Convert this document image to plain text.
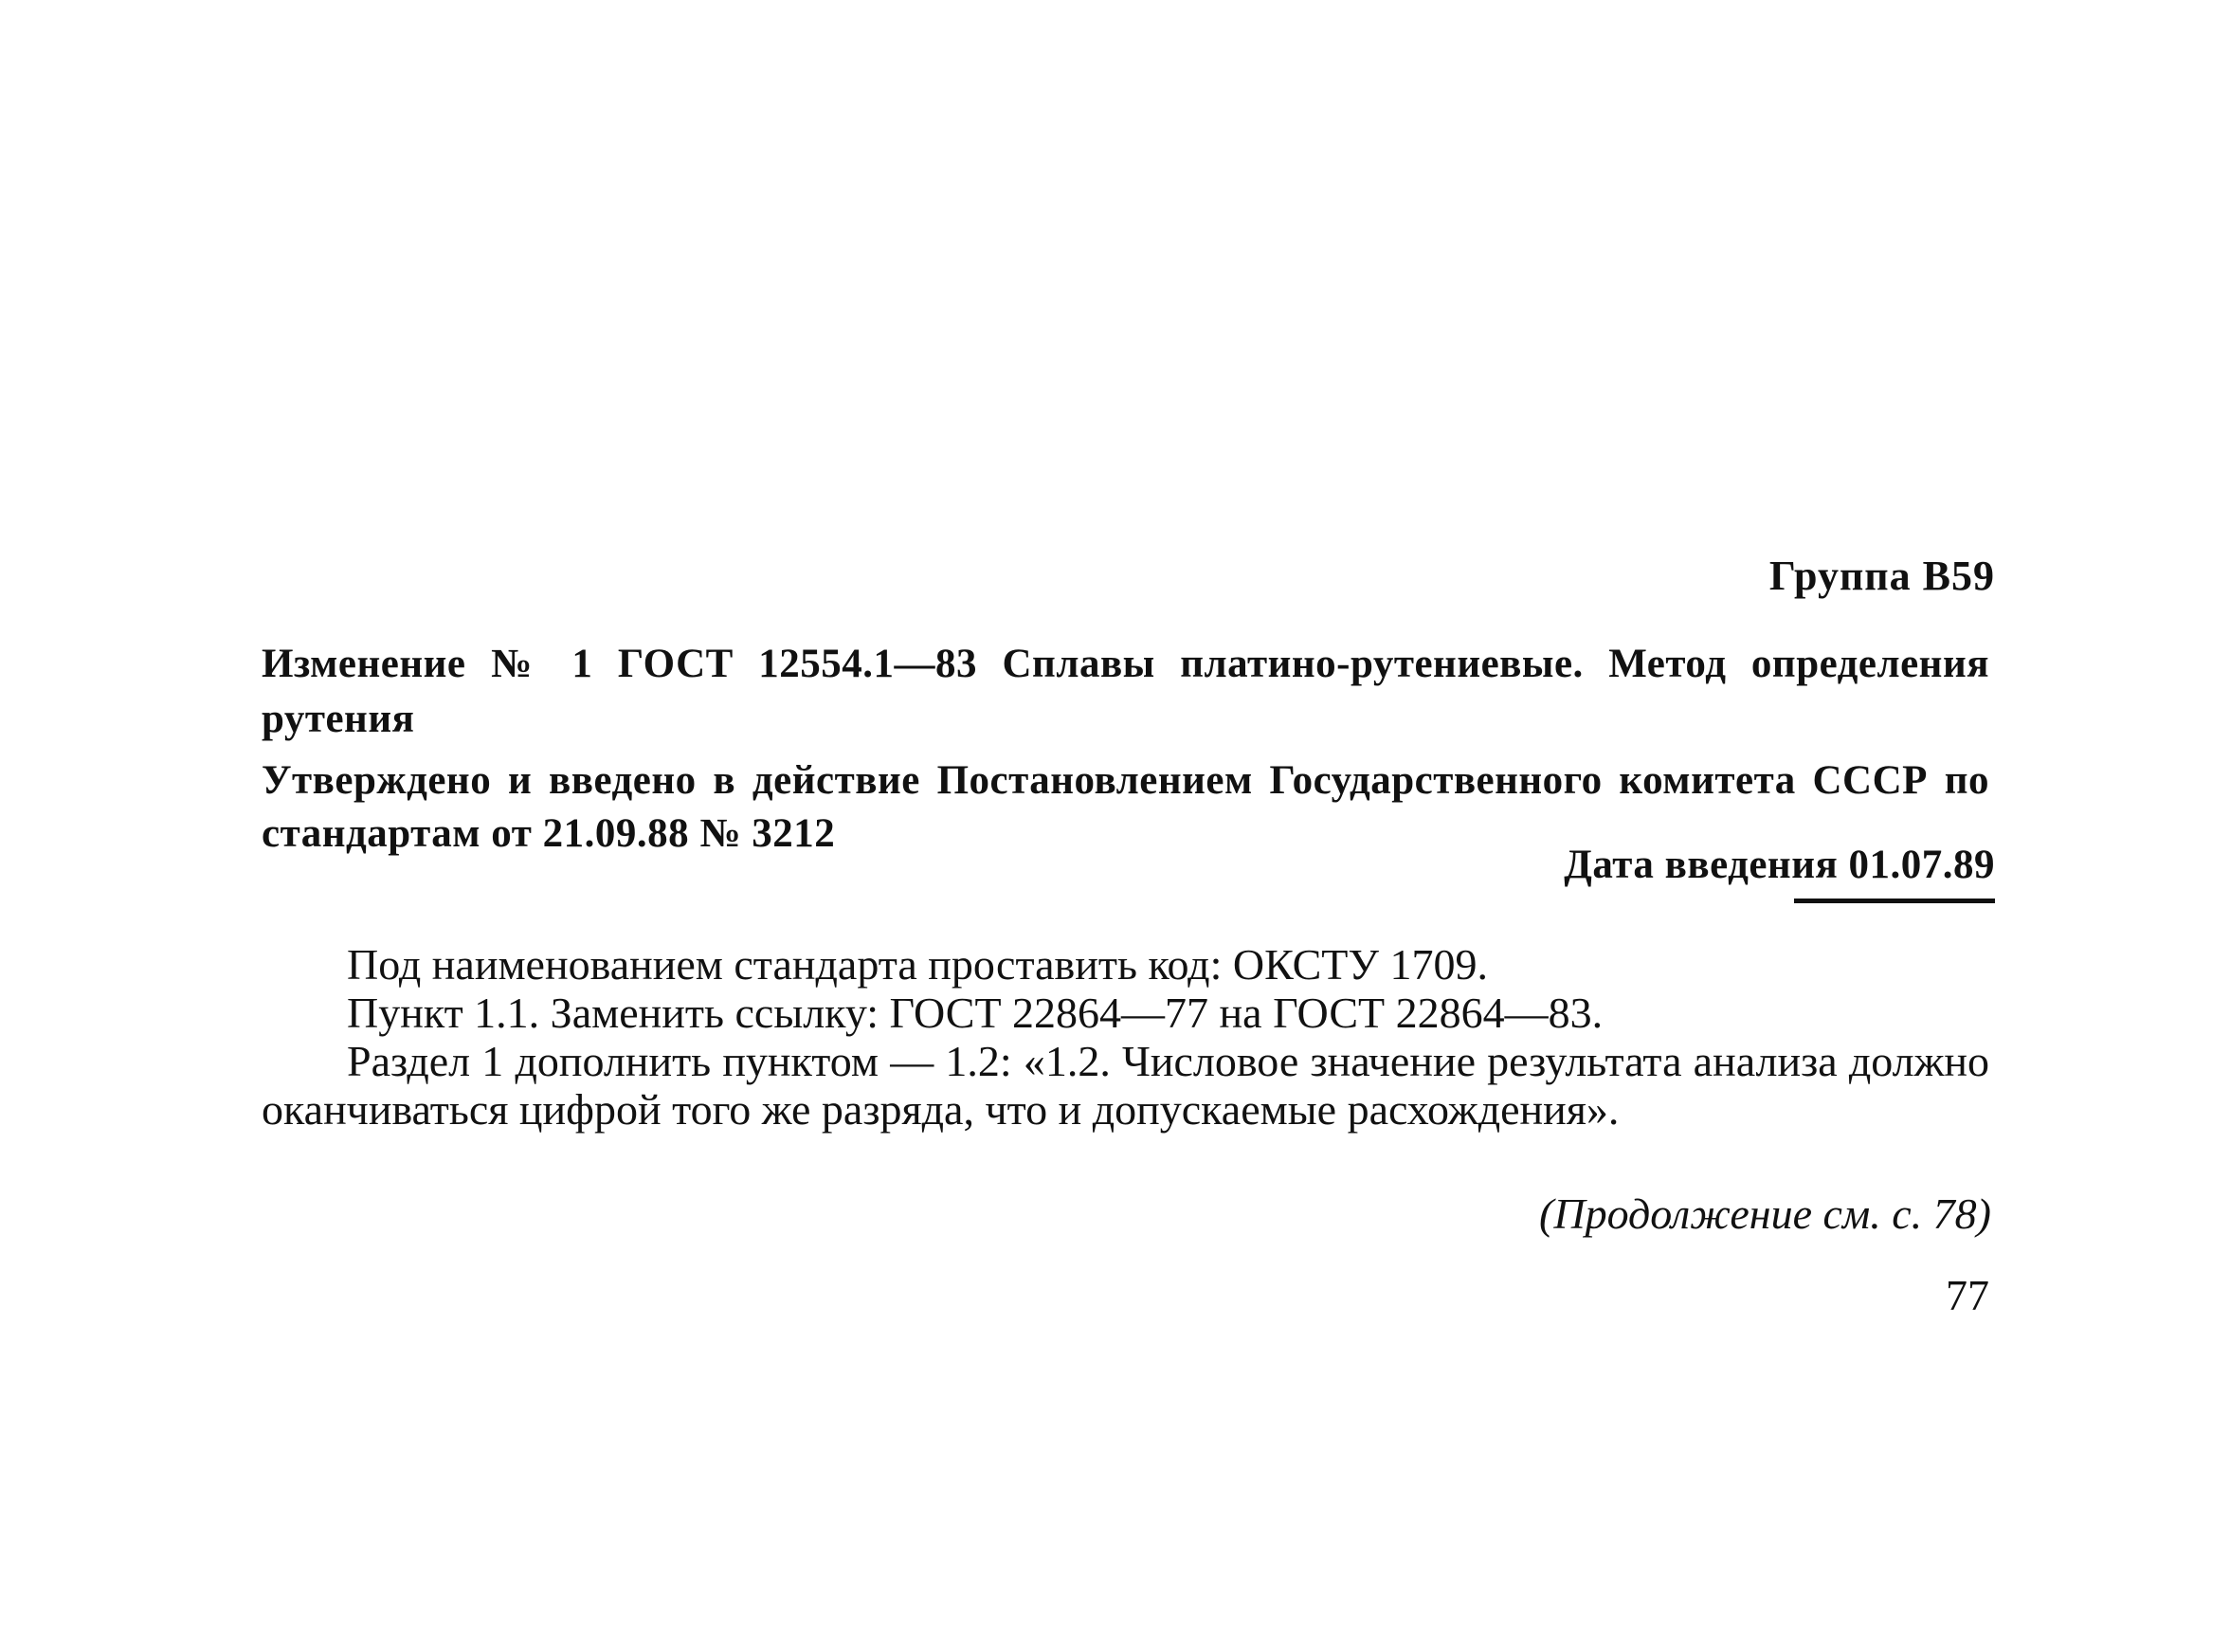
Группа В59
Изменение № 1 ГОСТ 12554.1—83 Сплавы платино-рутениевые. Метод определения рутения
Утверждено и введено в действие Постановлением Государственного комитета СССР по стандартам от 21.09.88 № 3212
Дата введения 01.07.89

Под наименованием стандарта проставить код: ОКСТУ 1709.

Пункт 1.1. Заменить ссылку: ГОСТ 22864—77 на ГОСТ 22864—83.

Раздел 1 дополнить пунктом — 1.2: «1.2. Числовое значение результата анализа должно оканчиваться цифрой того же разряда, что и допускаемые расхождения».

(Продолжение см. с. 78)
77
